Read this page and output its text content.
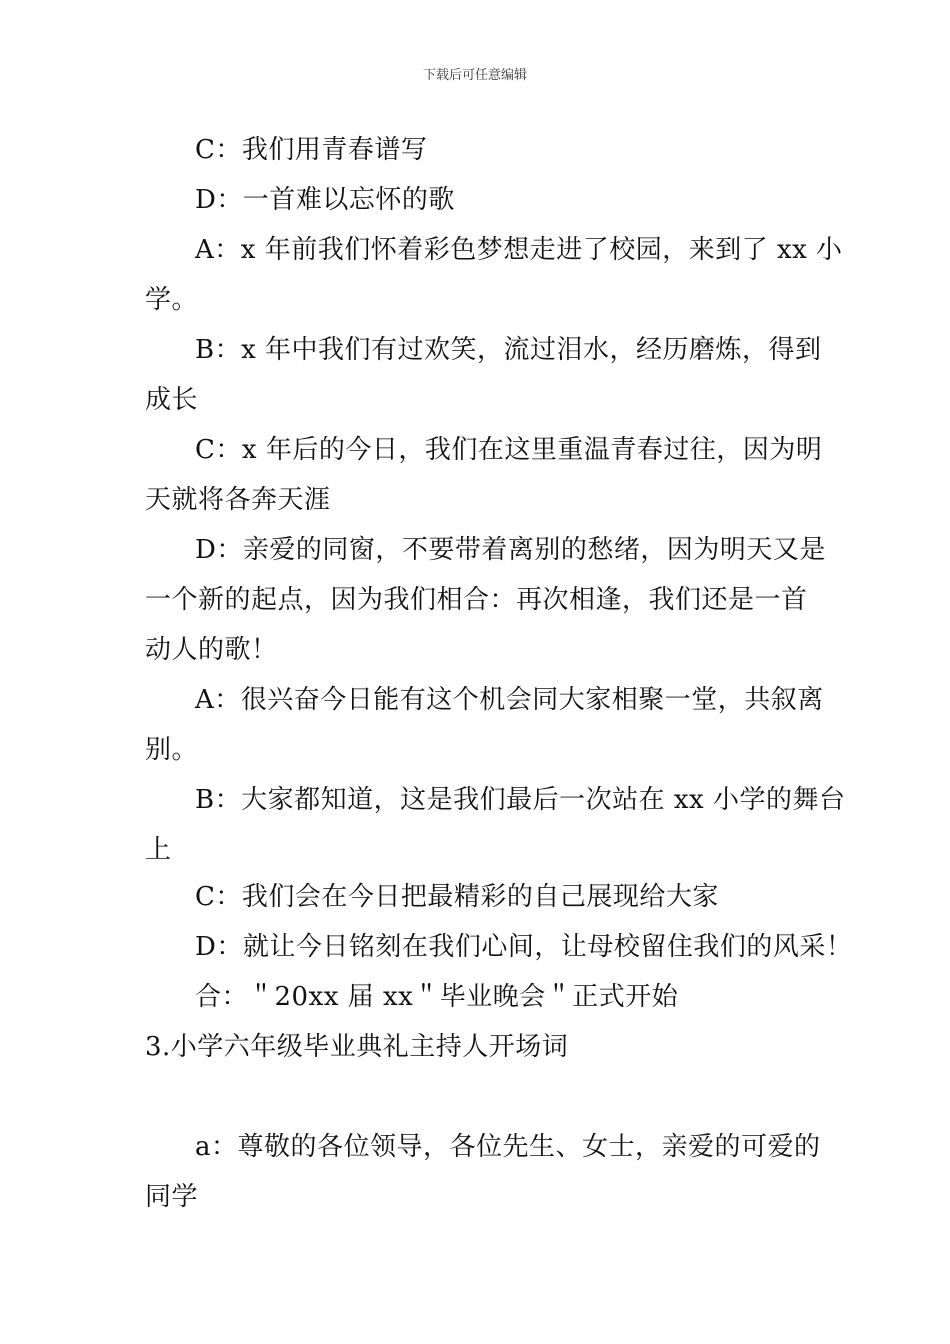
下载后可任意编辑
C：我们用青春谱写
D：一首难以忘怀的歌
A：x 年前我们怀着彩色梦想走进了校园，来到了 xx 小
学。
B：x 年中我们有过欢笑，流过泪水，经历磨炼，得到
成长
C：x 年后的今日，我们在这里重温青春过往，因为明
天就将各奔天涯
D：亲爱的同窗，不要带着离别的愁绪，因为明天又是
一个新的起点，因为我们相合：再次相逢，我们还是一首
动人的歌！
A：很兴奋今日能有这个机会同大家相聚一堂，共叙离
别。
B：大家都知道，这是我们最后一次站在 xx 小学的舞台
上
C：我们会在今日把最精彩的自己展现给大家
D：就让今日铭刻在我们心间，让母校留住我们的风采！
合：＂20xx 届 xx＂毕业晚会＂正式开始
3.小学六年级毕业典礼主持人开场词
a：尊敬的各位领导，各位先生、女士，亲爱的可爱的
同学
